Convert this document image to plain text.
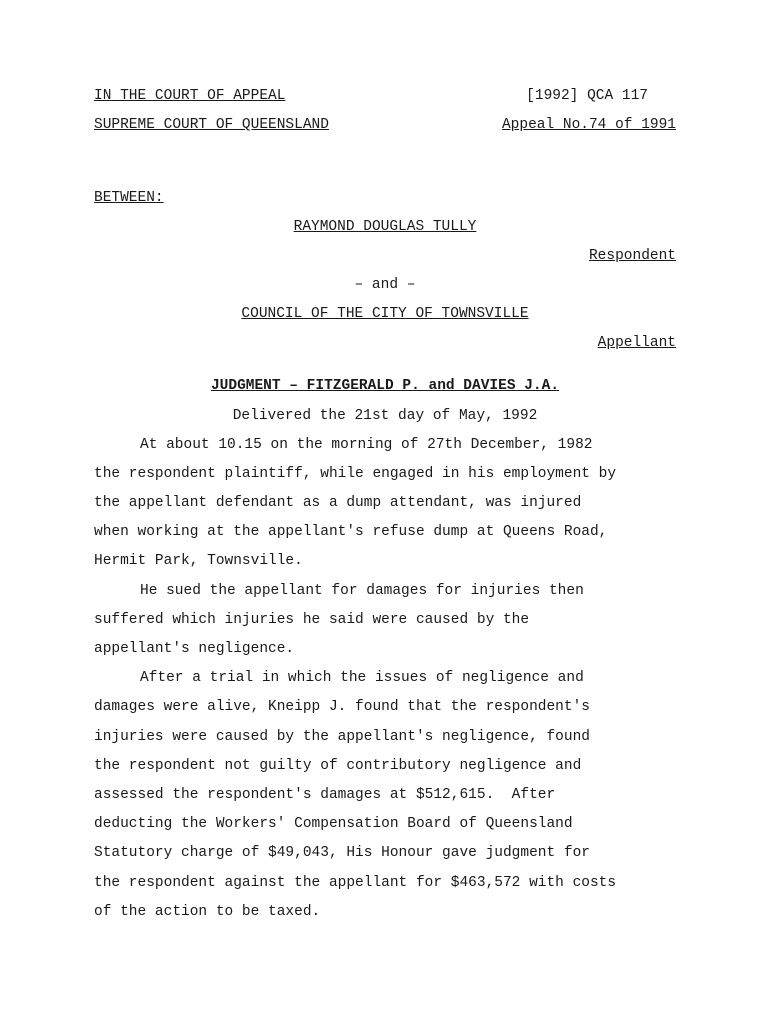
IN THE COURT OF APPEAL	[1992] QCA 117
SUPREME COURT OF QUEENSLAND	Appeal No.74 of 1991
BETWEEN:
RAYMOND DOUGLAS TULLY
Respondent
– and –
COUNCIL OF THE CITY OF TOWNSVILLE
Appellant
JUDGMENT – FITZGERALD P. and DAVIES J.A.
Delivered the 21st day of May, 1992
At about 10.15 on the morning of 27th December, 1982
the respondent plaintiff, while engaged in his employment by
the appellant defendant as a dump attendant, was injured
when working at the appellant's refuse dump at Queens Road,
Hermit Park, Townsville.
He sued the appellant for damages for injuries then
suffered which injuries he said were caused by the
appellant's negligence.
After a trial in which the issues of negligence and
damages were alive, Kneipp J. found that the respondent's
injuries were caused by the appellant's negligence, found
the respondent not guilty of contributory negligence and
assessed the respondent's damages at $512,615.  After
deducting the Workers' Compensation Board of Queensland
Statutory charge of $49,043, His Honour gave judgment for
the respondent against the appellant for $463,572 with costs
of the action to be taxed.
